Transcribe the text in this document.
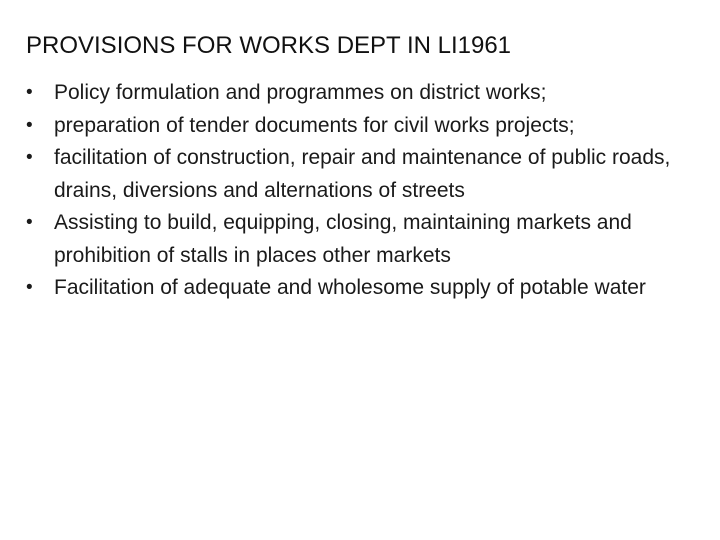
PROVISIONS FOR WORKS DEPT IN LI1961
•	Policy formulation and programmes on district works;
•	preparation of tender documents for civil works projects;
•	facilitation of construction, repair and maintenance of public roads, drains, diversions and alternations of streets
•	Assisting to build, equipping, closing, maintaining markets and prohibition of stalls in places other markets
•	Facilitation of adequate and wholesome supply of potable water
